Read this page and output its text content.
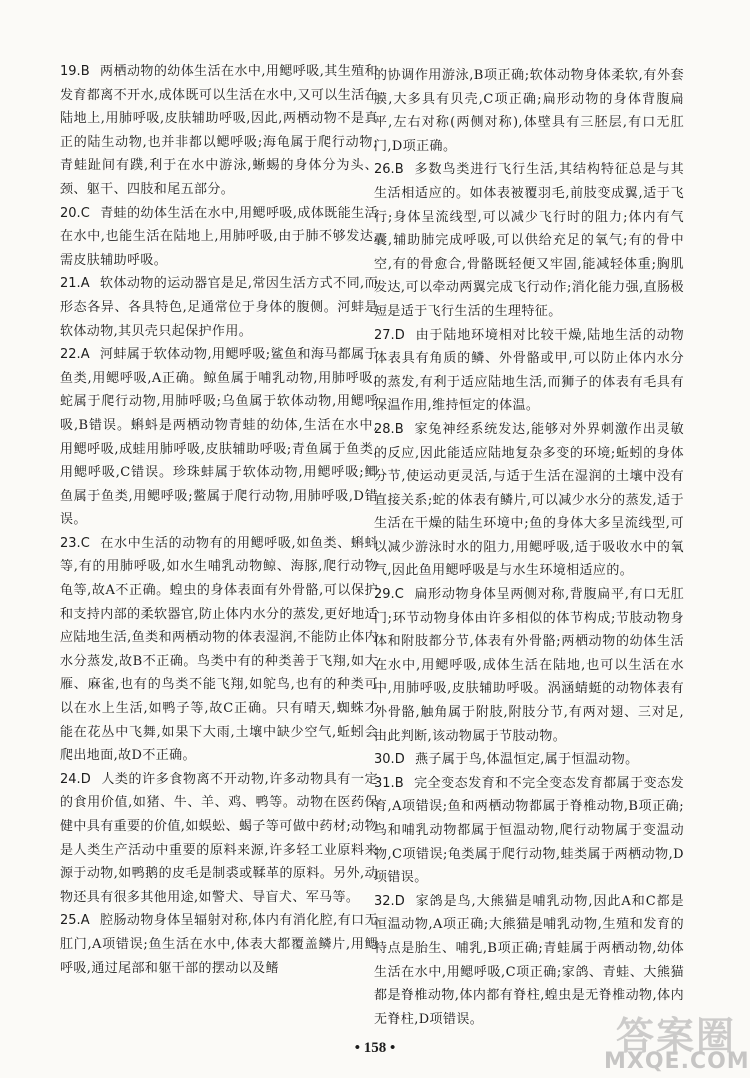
19.B 两栖动物的幼体生活在水中,用鳃呼吸,其生殖和发育都离不开水,成体既可以生活在水中,又可以生活在陆地上,用肺呼吸,皮肤辅助呼吸,因此,两栖动物不是真正的陆生动物,也并非都以鳃呼吸;海龟属于爬行动物;青蛙趾间有蹼,利于在水中游泳,蜥蜴的身体分为头、颈、躯干、四肢和尾五部分。

20.C 青蛙的幼体生活在水中,用鳃呼吸,成体既能生活在水中,也能生活在陆地上,用肺呼吸,由于肺不够发达,需皮肤辅助呼吸。

21.A 软体动物的运动器官是足,常因生活方式不同,而形态各异、各具特色,足通常位于身体的腹侧。河蚌是软体动物,其贝壳只起保护作用。

22.A 河蚌属于软体动物,用鳃呼吸;鲨鱼和海马都属于鱼类,用鳃呼吸,A正确。鲸鱼属于哺乳动物,用肺呼吸;蛇属于爬行动物,用肺呼吸;乌鱼属于软体动物,用鳃呼吸,B错误。蝌蚪是两栖动物青蛙的幼体,生活在水中,用鳃呼吸,成蛙用肺呼吸,皮肤辅助呼吸;青鱼属于鱼类,用鳃呼吸,C错误。珍珠蚌属于软体动物,用鳃呼吸;鲫鱼属于鱼类,用鳃呼吸;鳖属于爬行动物,用肺呼吸,D错误。

23.C 在水中生活的动物有的用鳃呼吸,如鱼类、蝌蚪等,有的用肺呼吸,如水生哺乳动物鲸、海豚,爬行动物龟等,故A不正确。蝗虫的身体表面有外骨骼,可以保护和支持内部的柔软器官,防止体内水分的蒸发,更好地适应陆地生活,鱼类和两栖动物的体表湿润,不能防止体内水分蒸发,故B不正确。鸟类中有的种类善于飞翔,如大雁、麻雀,也有的鸟类不能飞翔,如鸵鸟,也有的种类可以在水上生活,如鸭子等,故C正确。只有晴天,蜘蛛才能在花丛中飞舞,如果下大雨,土壤中缺少空气,蚯蚓会爬出地面,故D不正确。

24.D 人类的许多食物离不开动物,许多动物具有一定的食用价值,如猪、牛、羊、鸡、鸭等。动物在医药保健中具有重要的价值,如蜈蚣、蝎子等可做中药材;动物是人类生产活动中重要的原料来源,许多轻工业原料来源于动物,如鸭鹅的皮毛是制裘或鞣革的原料。另外,动物还具有很多其他用途,如警犬、导盲犬、军马等。

25.A 腔肠动物身体呈辐射对称,体内有消化腔,有口无肛门,A项错误;鱼生活在水中,体表大都覆盖鳞片,用鳃呼吸,通过尾部和躯干部的摆动以及鳍

的协调作用游泳,B项正确;软体动物身体柔软,有外套膜,大多具有贝壳,C项正确;扁形动物的身体背腹扁平,左右对称(两侧对称),体壁具有三胚层,有口无肛门,D项正确。

26.B 多数鸟类进行飞行生活,其结构特征总是与其生活相适应的。如体表被覆羽毛,前肢变成翼,适于飞行;身体呈流线型,可以减少飞行时的阻力;体内有气囊,辅助肺完成呼吸,可以供给充足的氧气;有的骨中空,有的骨愈合,骨骼既轻便又牢固,能减轻体重;胸肌发达,可以牵动两翼完成飞行动作;消化能力强,直肠极短是适于飞行生活的生理特征。

27.D 由于陆地环境相对比较干燥,陆地生活的动物体表具有角质的鳞、外骨骼或甲,可以防止体内水分的蒸发,有利于适应陆地生活,而狮子的体表有毛具有保温作用,维持恒定的体温。

28.B 家兔神经系统发达,能够对外界刺激作出灵敏的反应,因此能适应陆地复杂多变的环境;蚯蚓的身体分节,使运动更灵活,与适于生活在湿润的土壤中没有直接关系;蛇的体表有鳞片,可以减少水分的蒸发,适于生活在干燥的陆生环境中;鱼的身体大多呈流线型,可以减少游泳时水的阻力,用鳃呼吸,适于吸收水中的氧气,因此鱼用鳃呼吸是与水生环境相适应的。

29.C 扁形动物身体呈两侧对称,背腹扁平,有口无肛门;环节动物身体由许多相似的体节构成;节肢动物身体和附肢都分节,体表有外骨骼;两栖动物的幼体生活在水中,用鳃呼吸,成体生活在陆地,也可以生活在水中,用肺呼吸,皮肤辅助呼吸。涡涵蜻蜓的动物体表有外骨骼,触角属于附肢,附肢分节,有两对翅、三对足,由此判断,该动物属于节肢动物。

30.D 燕子属于鸟,体温恒定,属于恒温动物。

31.B 完全变态发育和不完全变态发育都属于变态发育,A项错误;鱼和两栖动物都属于脊椎动物,B项正确;鸟和哺乳动物都属于恒温动物,爬行动物属于变温动物,C项错误;龟类属于爬行动物,蛙类属于两栖动物,D项错误。

32.D 家鸽是鸟,大熊猫是哺乳动物,因此A和C都是恒温动物,A项正确;大熊猫是哺乳动物,生殖和发育的特点是胎生、哺乳,B项正确;青蛙属于两栖动物,幼体生活在水中,用鳃呼吸,C项正确;家鸽、青蛙、大熊猫都是脊椎动物,体内都有脊柱,蝗虫是无脊椎动物,体内无脊柱,D项错误。

• 158 •	答案圈
MXQE.COM
